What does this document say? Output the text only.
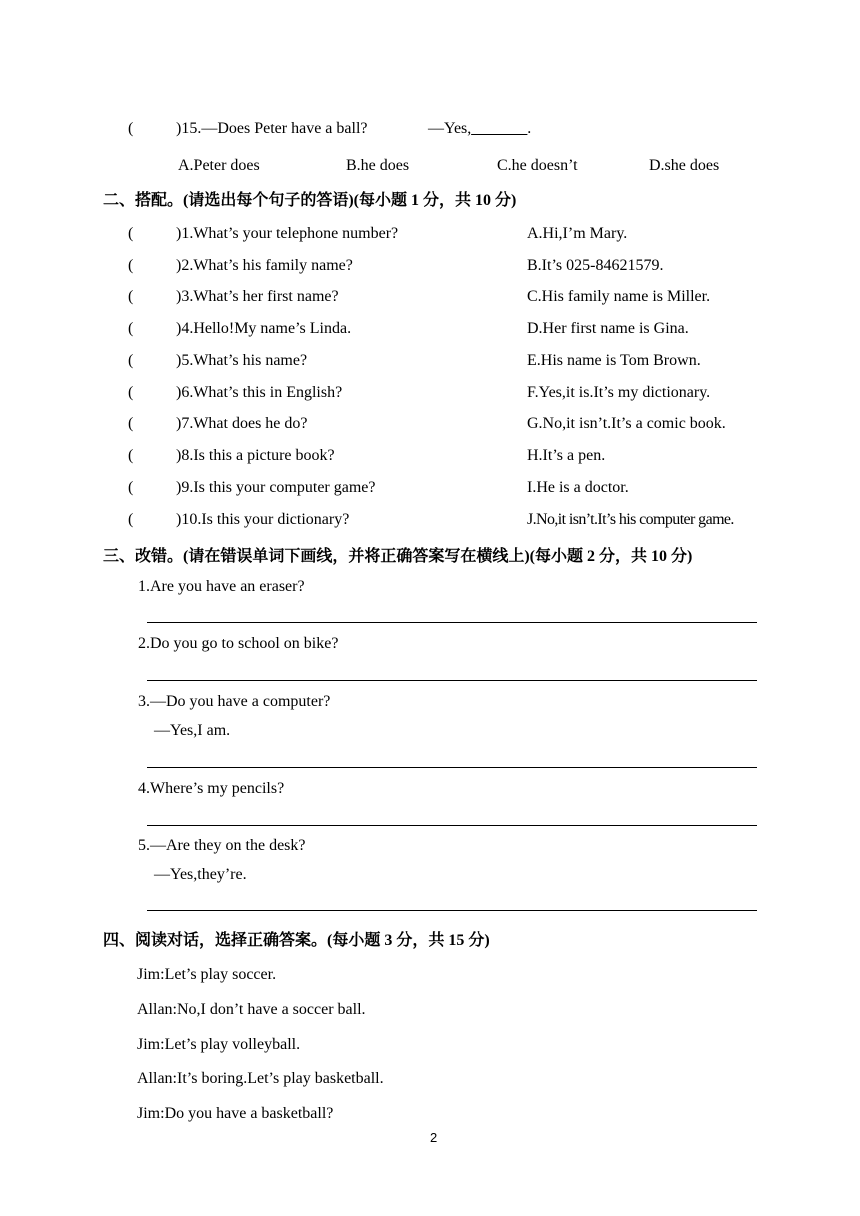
(	)15.—Does Peter have a ball?	—Yes,_______.
A.Peter does	B.he does	C.he doesn’t	D.she does
二、搭配。(请选出每个句子的答语)(每小题 1 分，共 10 分)
(	)1.What’s your telephone number?	A.Hi,I’m Mary.
(	)2.What’s his family name?	B.It’s 025-84621579.
(	)3.What’s her first name?	C.His family name is Miller.
(	)4.Hello!My name’s Linda.	D.Her first name is Gina.
(	)5.What’s his name?	E.His name is Tom Brown.
(	)6.What’s this in English?	F.Yes,it is.It’s my dictionary.
(	)7.What does he do?	G.No,it isn’t.It’s a comic book.
(	)8.Is this a picture book?	H.It’s a pen.
(	)9.Is this your computer game?	I.He is a doctor.
(	)10.Is this your dictionary?	J.No,it isn’t.It’s his computer game.
三、改错。(请在错误单词下画线，并将正确答案写在横线上)(每小题 2 分，共 10 分)
1.Are you have an eraser?
2.Do you go to school on bike?
3.—Do you have a computer?
—Yes,I am.
4.Where’s my pencils?
5.—Are they on the desk?
—Yes,they’re.
四、阅读对话，选择正确答案。(每小题 3 分，共 15 分)
Jim:Let’s play soccer.
Allan:No,I don’t have a soccer ball.
Jim:Let’s play volleyball.
Allan:It’s boring.Let’s play basketball.
Jim:Do you have a basketball?
2
